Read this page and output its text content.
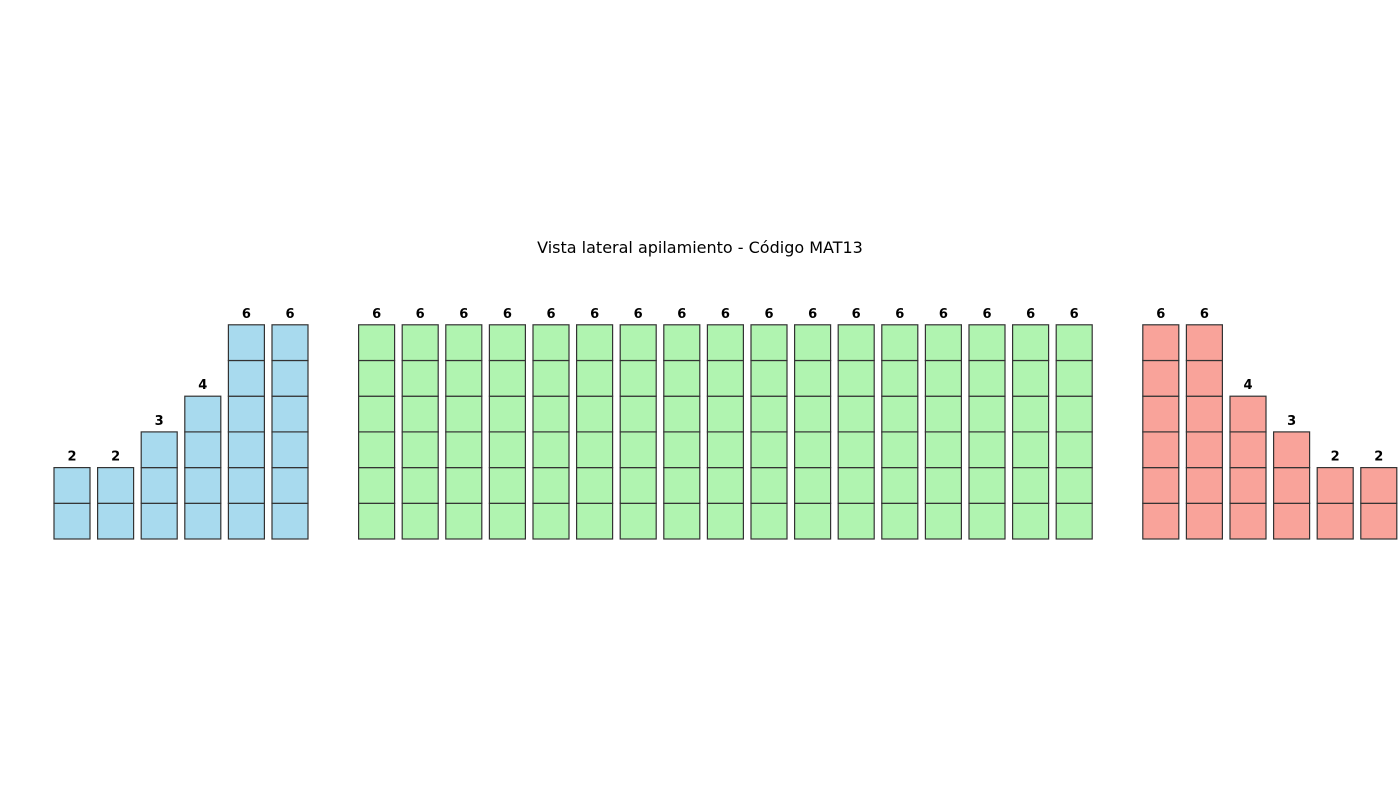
Vista lateral apilamiento - Código MAT13
2	2
3
4
6	6	6	6	6	6	6	6	6	6	6	6	6	6	6	6	6	6	6	6	6
4
3
2	2
